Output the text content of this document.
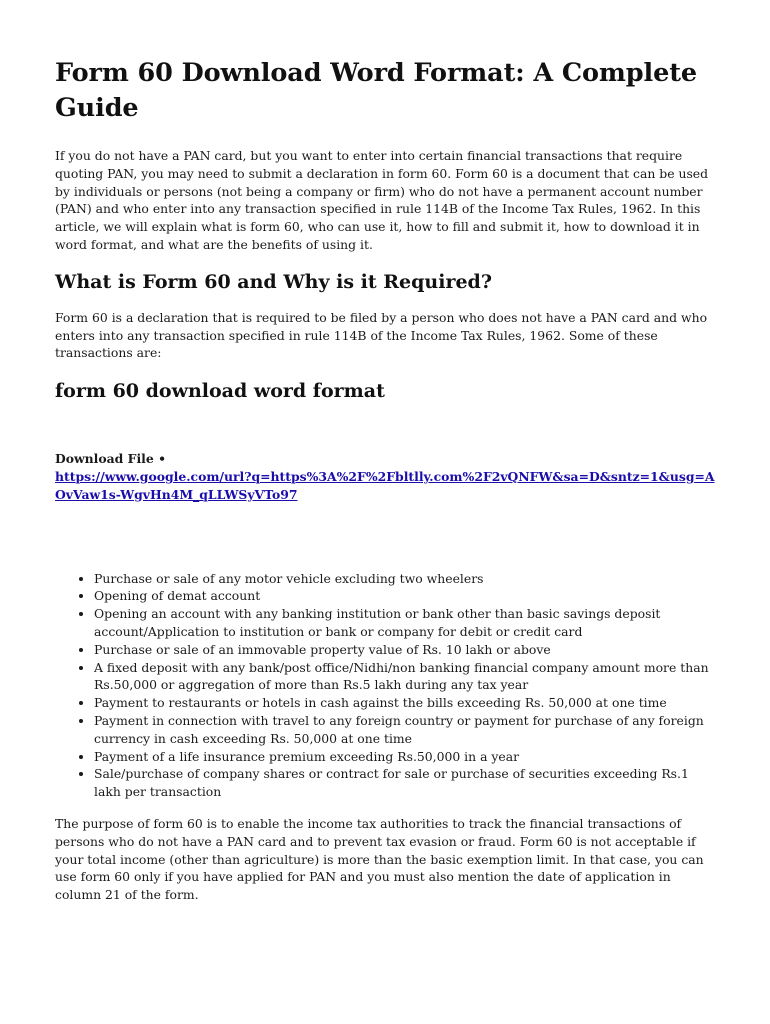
Form 60 Download Word Format: A Complete Guide

If you do not have a PAN card, but you want to enter into certain financial transactions that require quoting PAN, you may need to submit a declaration in form 60. Form 60 is a document that can be used by individuals or persons (not being a company or firm) who do not have a permanent account number (PAN) and who enter into any transaction specified in rule 114B of the Income Tax Rules, 1962. In this article, we will explain what is form 60, who can use it, how to fill and submit it, how to download it in word format, and what are the benefits of using it.

What is Form 60 and Why is it Required?

Form 60 is a declaration that is required to be filed by a person who does not have a PAN card and who enters into any transaction specified in rule 114B of the Income Tax Rules, 1962. Some of these transactions are:

form 60 download word format
Download File •
https://www.google.com/url?q=https%3A%2F%2Fbltlly.com%2F2vQNFW&sa=D&sntz=1&usg=AOvVaw1s-WgvHn4M_qLLWSyVTo97
• Purchase or sale of any motor vehicle excluding two wheelers
• Opening of demat account
• Opening an account with any banking institution or bank other than basic savings deposit account/Application to institution or bank or company for debit or credit card
• Purchase or sale of an immovable property value of Rs. 10 lakh or above
• A fixed deposit with any bank/post office/Nidhi/non banking financial company amount more than Rs.50,000 or aggregation of more than Rs.5 lakh during any tax year
• Payment to restaurants or hotels in cash against the bills exceeding Rs. 50,000 at one time
• Payment in connection with travel to any foreign country or payment for purchase of any foreign currency in cash exceeding Rs. 50,000 at one time
• Payment of a life insurance premium exceeding Rs.50,000 in a year
• Sale/purchase of company shares or contract for sale or purchase of securities exceeding Rs.1 lakh per transaction

The purpose of form 60 is to enable the income tax authorities to track the financial transactions of persons who do not have a PAN card and to prevent tax evasion or fraud. Form 60 is not acceptable if your total income (other than agriculture) is more than the basic exemption limit. In that case, you can use form 60 only if you have applied for PAN and you must also mention the date of application in column 21 of the form.
